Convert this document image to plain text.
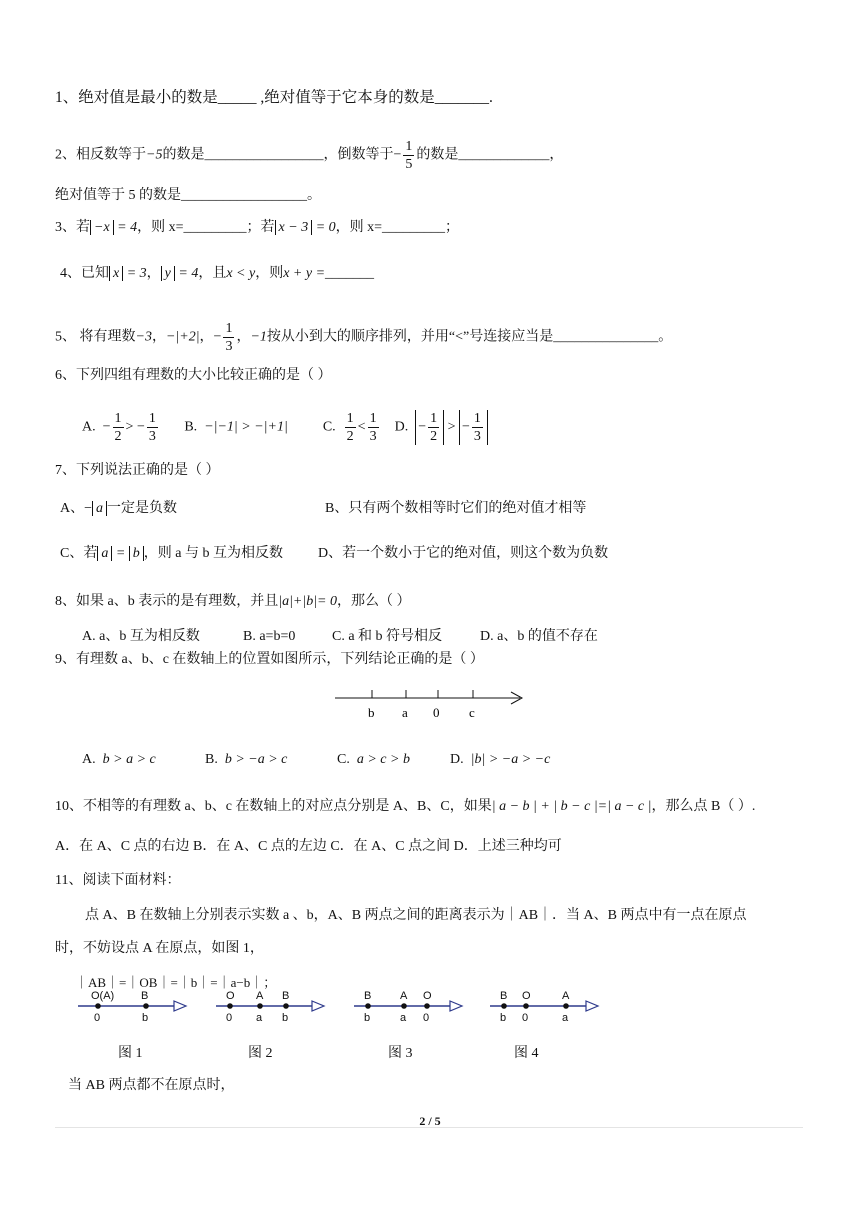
1、绝对值是最小的数是_____ ,绝对值等于它本身的数是_______.
2、相反数等于−5的数是_________________，倒数等于− $\frac{1}{5}$ 的数是_____________，
绝对值等于 5 的数是__________________。
3、若 −x = 4，则 x=_________；若 x − 3 = 0，则 x=_________；
4、已知 x = 3， y = 4，且x < y，则x + y =_______
5、 将有理数−3，−|+2|，− $\frac{1}{3}$ ，−1按从小到大的顺序排列，并用“<”号连接应当是_______________。
6、下列四组有理数的大小比较正确的是（ ）
A. − $\frac{1}{2}$ > − $\frac{1}{3} B$. −|−1| > −|+1|	C. $\frac{1}{2} < \frac{1}{3} D$. − $\frac{1}{2}$ > − $\frac{1}{3}$
7、下列说法正确的是（ ）
A、− a 一定是负数	B、只有两个数相等时它们的绝对值才相等
C、若 a = b ，则 a 与 b 互为相反数 D、若一个数小于它的绝对值，则这个数为负数
8、如果 a、b 表示的是有理数，并且|a|+|b|= 0，那么（ ）
A. a、b 互为相反数	B. a=b=0	C. a 和 b 符号相反	D. a、b 的值不存在
9、有理数 a、b、c 在数轴上的位置如图所示，下列结论正确的是（ ）
b a 0 c
A. b > a > c	B. b > −a > c	C. a > c > b	D. |b| > −a > −c
10、不相等的有理数 a、b、c 在数轴上的对应点分别是 A、B、C，如果| a − b | + | b − c |=| a − c |，那么点 B（ ）.
A．在 A、C 点的右边 B．在 A、C 点的左边 C．在 A、C 点之间 D．上述三种均可
11、阅读下面材料：
点 A、B 在数轴上分别表示实数 a 、b，A、B 两点之间的距离表示为｜AB｜．当 A、B 两点中有一点在原点
时，不妨设点 A 在原点，如图 1，
｜AB｜=｜OB｜=｜b｜=｜a−b｜；
O(A) B
0	b
图 1
O A B
0 a b
图 2
B	A O
b	a 0
图 3
B O	A
b 0	a
图 4
当 AB 两点都不在原点时，
2 / 5
